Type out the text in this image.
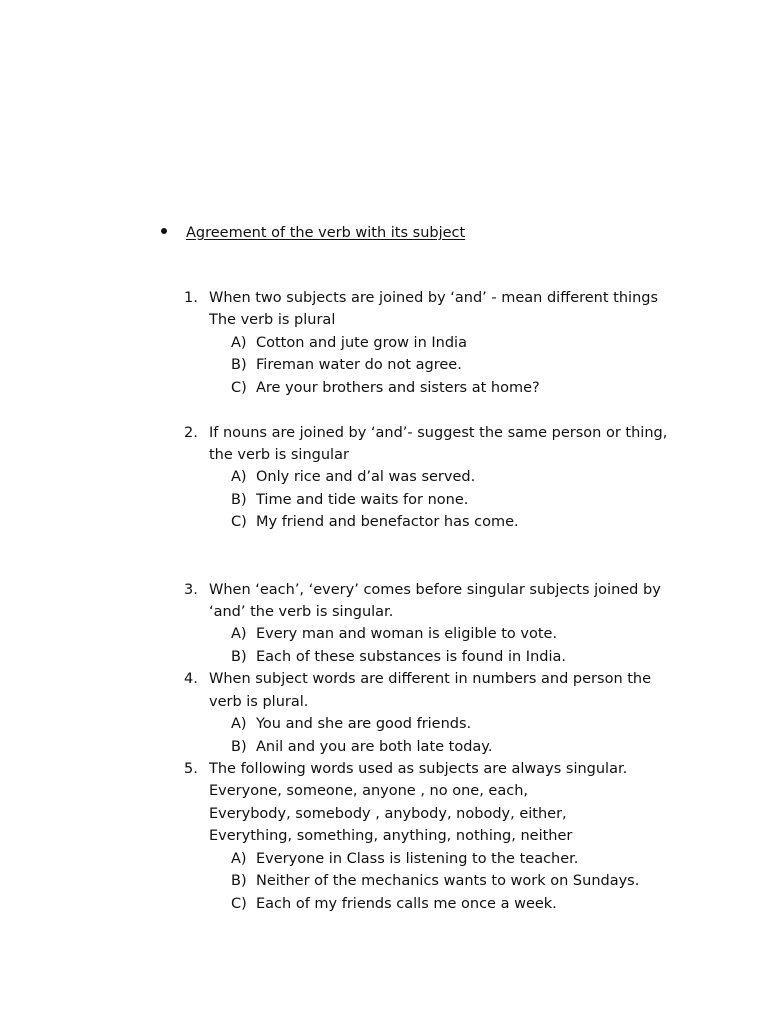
Agreement of the verb with its subject
1. When two subjects are joined by ‘and’ - mean different things
The verb is plural
A) Cotton and jute grow in India
B) Fireman water do not agree.
C) Are your brothers and sisters at home?
2. If nouns are joined by ‘and’- suggest the same person or thing,
the verb is singular
A) Only rice and d’al was served.
B) Time and tide waits for none.
C) My friend and benefactor has come.
3. When ‘each’, ‘every’ comes before singular subjects joined by
‘and’ the verb is singular.
A) Every man and woman is eligible to vote.
B) Each of these substances is found in India.
4. When subject words are different in numbers and person the
verb is plural.
A) You and she are good friends.
B) Anil and you are both late today.
5. The following words used as subjects are always singular.
Everyone, someone, anyone , no one, each,
Everybody, somebody , anybody, nobody, either,
Everything, something, anything, nothing, neither
A) Everyone in Class is listening to the teacher.
B) Neither of the mechanics wants to work on Sundays.
C) Each of my friends calls me once a week.
